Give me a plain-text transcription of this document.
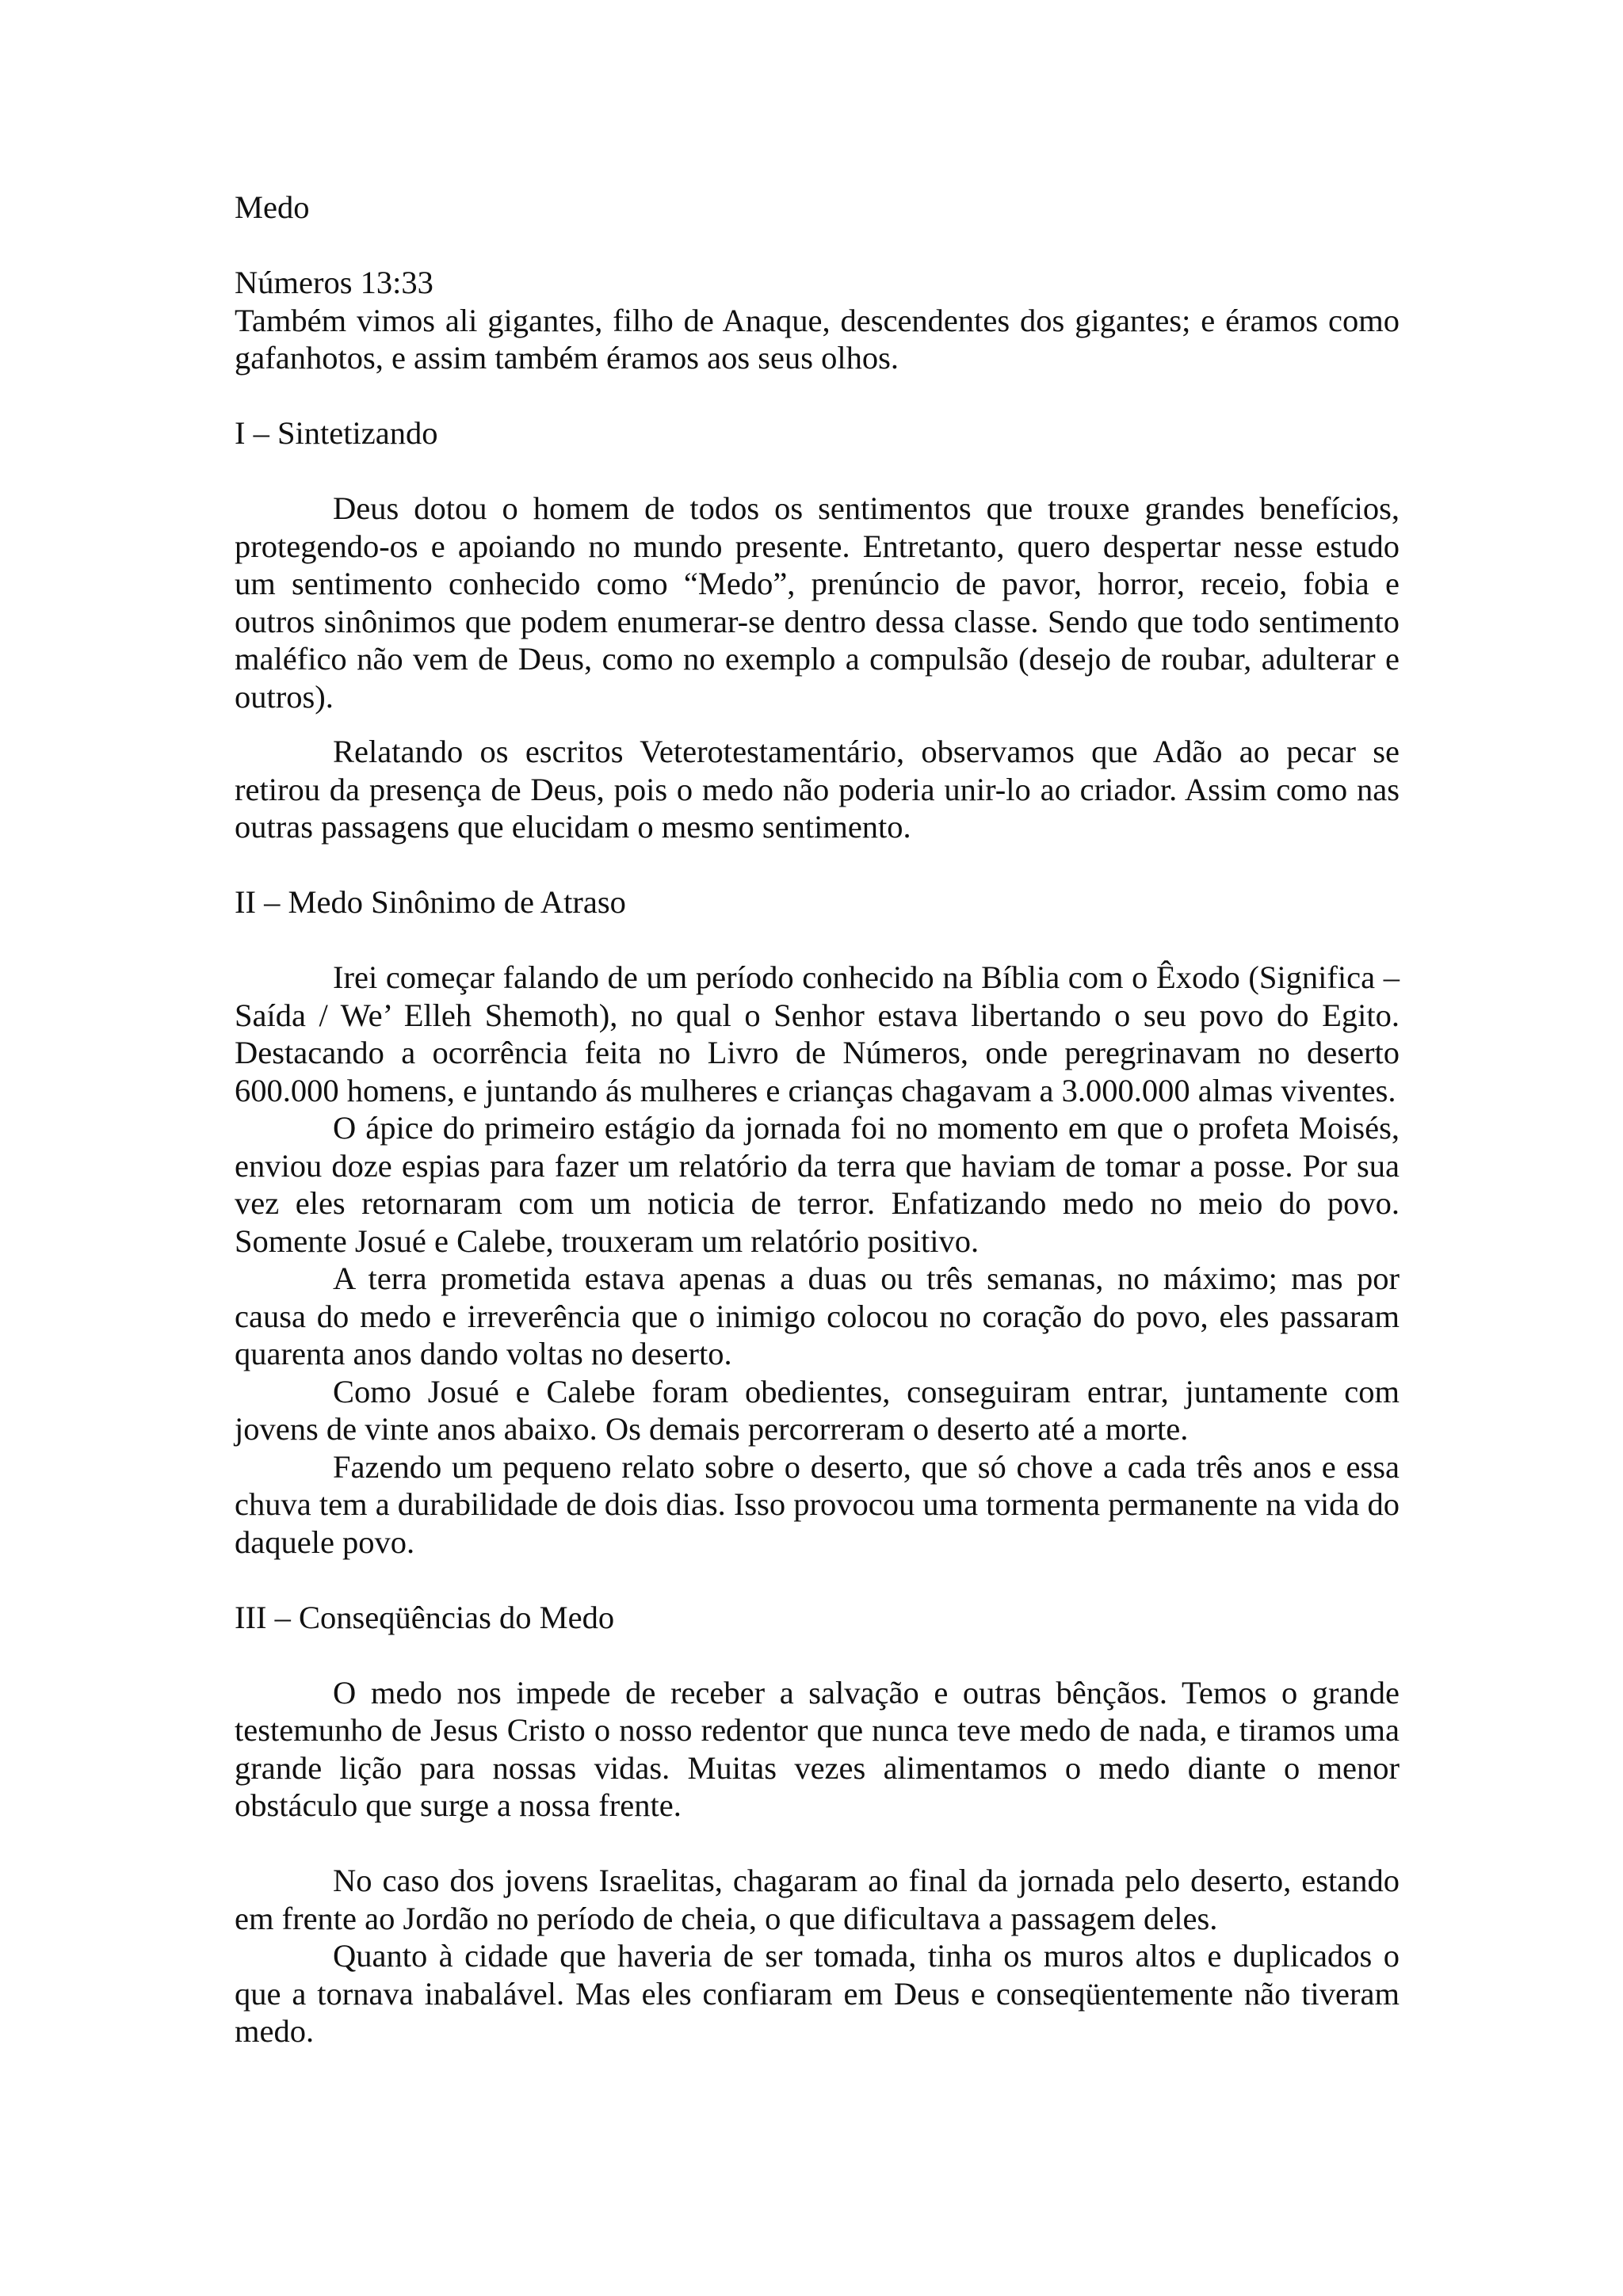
Medo

Números 13:33

Também vimos ali gigantes, filho de Anaque, descendentes dos gigantes; e éramos como gafanhotos, e assim também éramos aos seus olhos.

I – Sintetizando

Deus dotou o homem de todos os sentimentos que trouxe grandes benefícios, protegendo-os e apoiando no mundo presente. Entretanto, quero despertar nesse estudo um sentimento conhecido como “Medo”, prenúncio de pavor, horror, receio, fobia e outros sinônimos que podem enumerar-se dentro dessa classe. Sendo que todo sentimento maléfico não vem de Deus, como no exemplo a compulsão (desejo de roubar, adulterar e outros).

Relatando os escritos Veterotestamentário, observamos que Adão ao pecar se retirou da presença de Deus, pois o medo não poderia unir-lo ao criador. Assim como nas outras passagens que elucidam o mesmo sentimento.

II – Medo Sinônimo de Atraso

Irei começar falando de um período conhecido na Bíblia com o Êxodo (Significa – Saída / We’ Elleh Shemoth), no qual o Senhor estava libertando o seu povo do Egito. Destacando a ocorrência feita no Livro de Números, onde peregrinavam no deserto 600.000 homens, e juntando ás mulheres e crianças chagavam a 3.000.000 almas viventes.

O ápice do primeiro estágio da jornada foi no momento em que o profeta Moisés, enviou doze espias para fazer um relatório da terra que haviam de tomar a posse. Por sua vez eles retornaram com um noticia de terror. Enfatizando medo no meio do povo. Somente Josué e Calebe, trouxeram um relatório positivo.

A terra prometida estava apenas a duas ou três semanas, no máximo; mas por causa do medo e irreverência que o inimigo colocou no coração do povo, eles passaram quarenta anos dando voltas no deserto.

Como Josué e Calebe foram obedientes, conseguiram entrar, juntamente com jovens de vinte anos abaixo. Os demais percorreram o deserto até a morte.

Fazendo um pequeno relato sobre o deserto, que só chove a cada três anos e essa chuva tem a durabilidade de dois dias. Isso provocou uma tormenta permanente na vida do daquele povo.

III – Conseqüências do Medo

O medo nos impede de receber a salvação e outras bênçãos. Temos o grande testemunho de Jesus Cristo o nosso redentor que nunca teve medo de nada, e tiramos uma grande lição para nossas vidas. Muitas vezes alimentamos o medo diante o menor obstáculo que surge a nossa frente.

No caso dos jovens Israelitas, chagaram ao final da jornada pelo deserto, estando em frente ao Jordão no período de cheia, o que dificultava a passagem deles.

Quanto à cidade que haveria de ser tomada, tinha os muros altos e duplicados o que a tornava inabalável. Mas eles confiaram em Deus e conseqüentemente não tiveram medo.
